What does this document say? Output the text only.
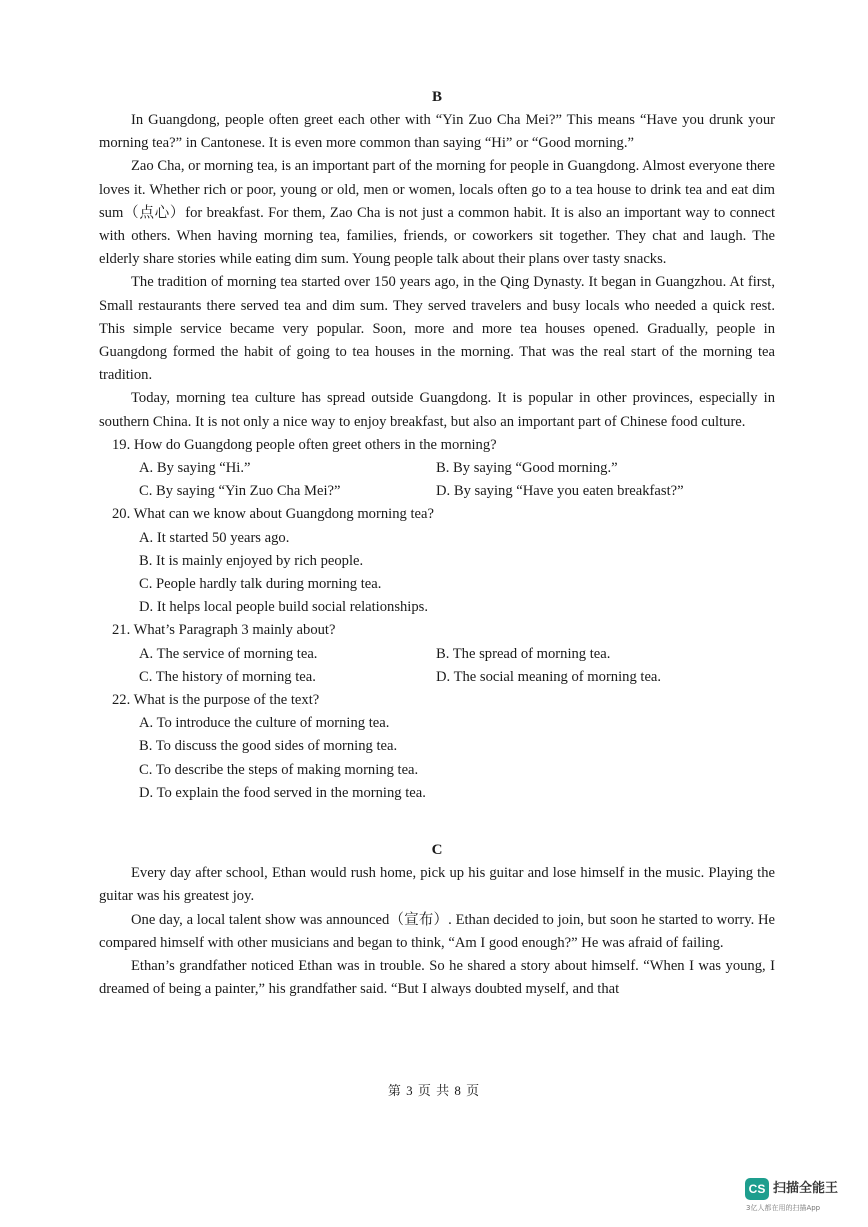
B

In Guangdong, people often greet each other with “Yin Zuo Cha Mei?” This means “Have you drunk your morning tea?” in Cantonese. It is even more common than saying “Hi” or “Good morning.”

Zao Cha, or morning tea, is an important part of the morning for people in Guangdong. Almost everyone there loves it. Whether rich or poor, young or old, men or women, locals often go to a tea house to drink tea and eat dim sum（点心）for breakfast. For them, Zao Cha is not just a common habit. It is also an important way to connect with others. When having morning tea, families, friends, or coworkers sit together. They chat and laugh. The elderly share stories while eating dim sum. Young people talk about their plans over tasty snacks.

The tradition of morning tea started over 150 years ago, in the Qing Dynasty. It began in Guangzhou. At first, Small restaurants there served tea and dim sum. They served travelers and busy locals who needed a quick rest. This simple service became very popular. Soon, more and more tea houses opened. Gradually, people in Guangdong formed the habit of going to tea houses in the morning. That was the real start of the morning tea tradition.

Today, morning tea culture has spread outside Guangdong. It is popular in other provinces, especially in southern China. It is not only a nice way to enjoy breakfast, but also an important part of Chinese food culture.

19. How do Guangdong people often greet others in the morning?
A. By saying “Hi.”	B. By saying “Good morning.”
C. By saying “Yin Zuo Cha Mei?”	D. By saying “Have you eaten breakfast?”
20. What can we know about Guangdong morning tea?
A. It started 50 years ago.
B. It is mainly enjoyed by rich people.
C. People hardly talk during morning tea.
D. It helps local people build social relationships.
21. What’s Paragraph 3 mainly about?
A. The service of morning tea.	B. The spread of morning tea.
C. The history of morning tea.	D. The social meaning of morning tea.
22. What is the purpose of the text?
A. To introduce the culture of morning tea.
B. To discuss the good sides of morning tea.
C. To describe the steps of making morning tea.
D. To explain the food served in the morning tea.
C

Every day after school, Ethan would rush home, pick up his guitar and lose himself in the music. Playing the guitar was his greatest joy.

One day, a local talent show was announced（宣布）. Ethan decided to join, but soon he started to worry. He compared himself with other musicians and began to think, “Am I good enough?” He was afraid of failing.

Ethan’s grandfather noticed Ethan was in trouble. So he shared a story about himself. “When I was young, I dreamed of being a painter,” his grandfather said. “But I always doubted myself, and that

第 3 页 共 8 页
CS 扫描全能王
3亿人都在用的扫描App
